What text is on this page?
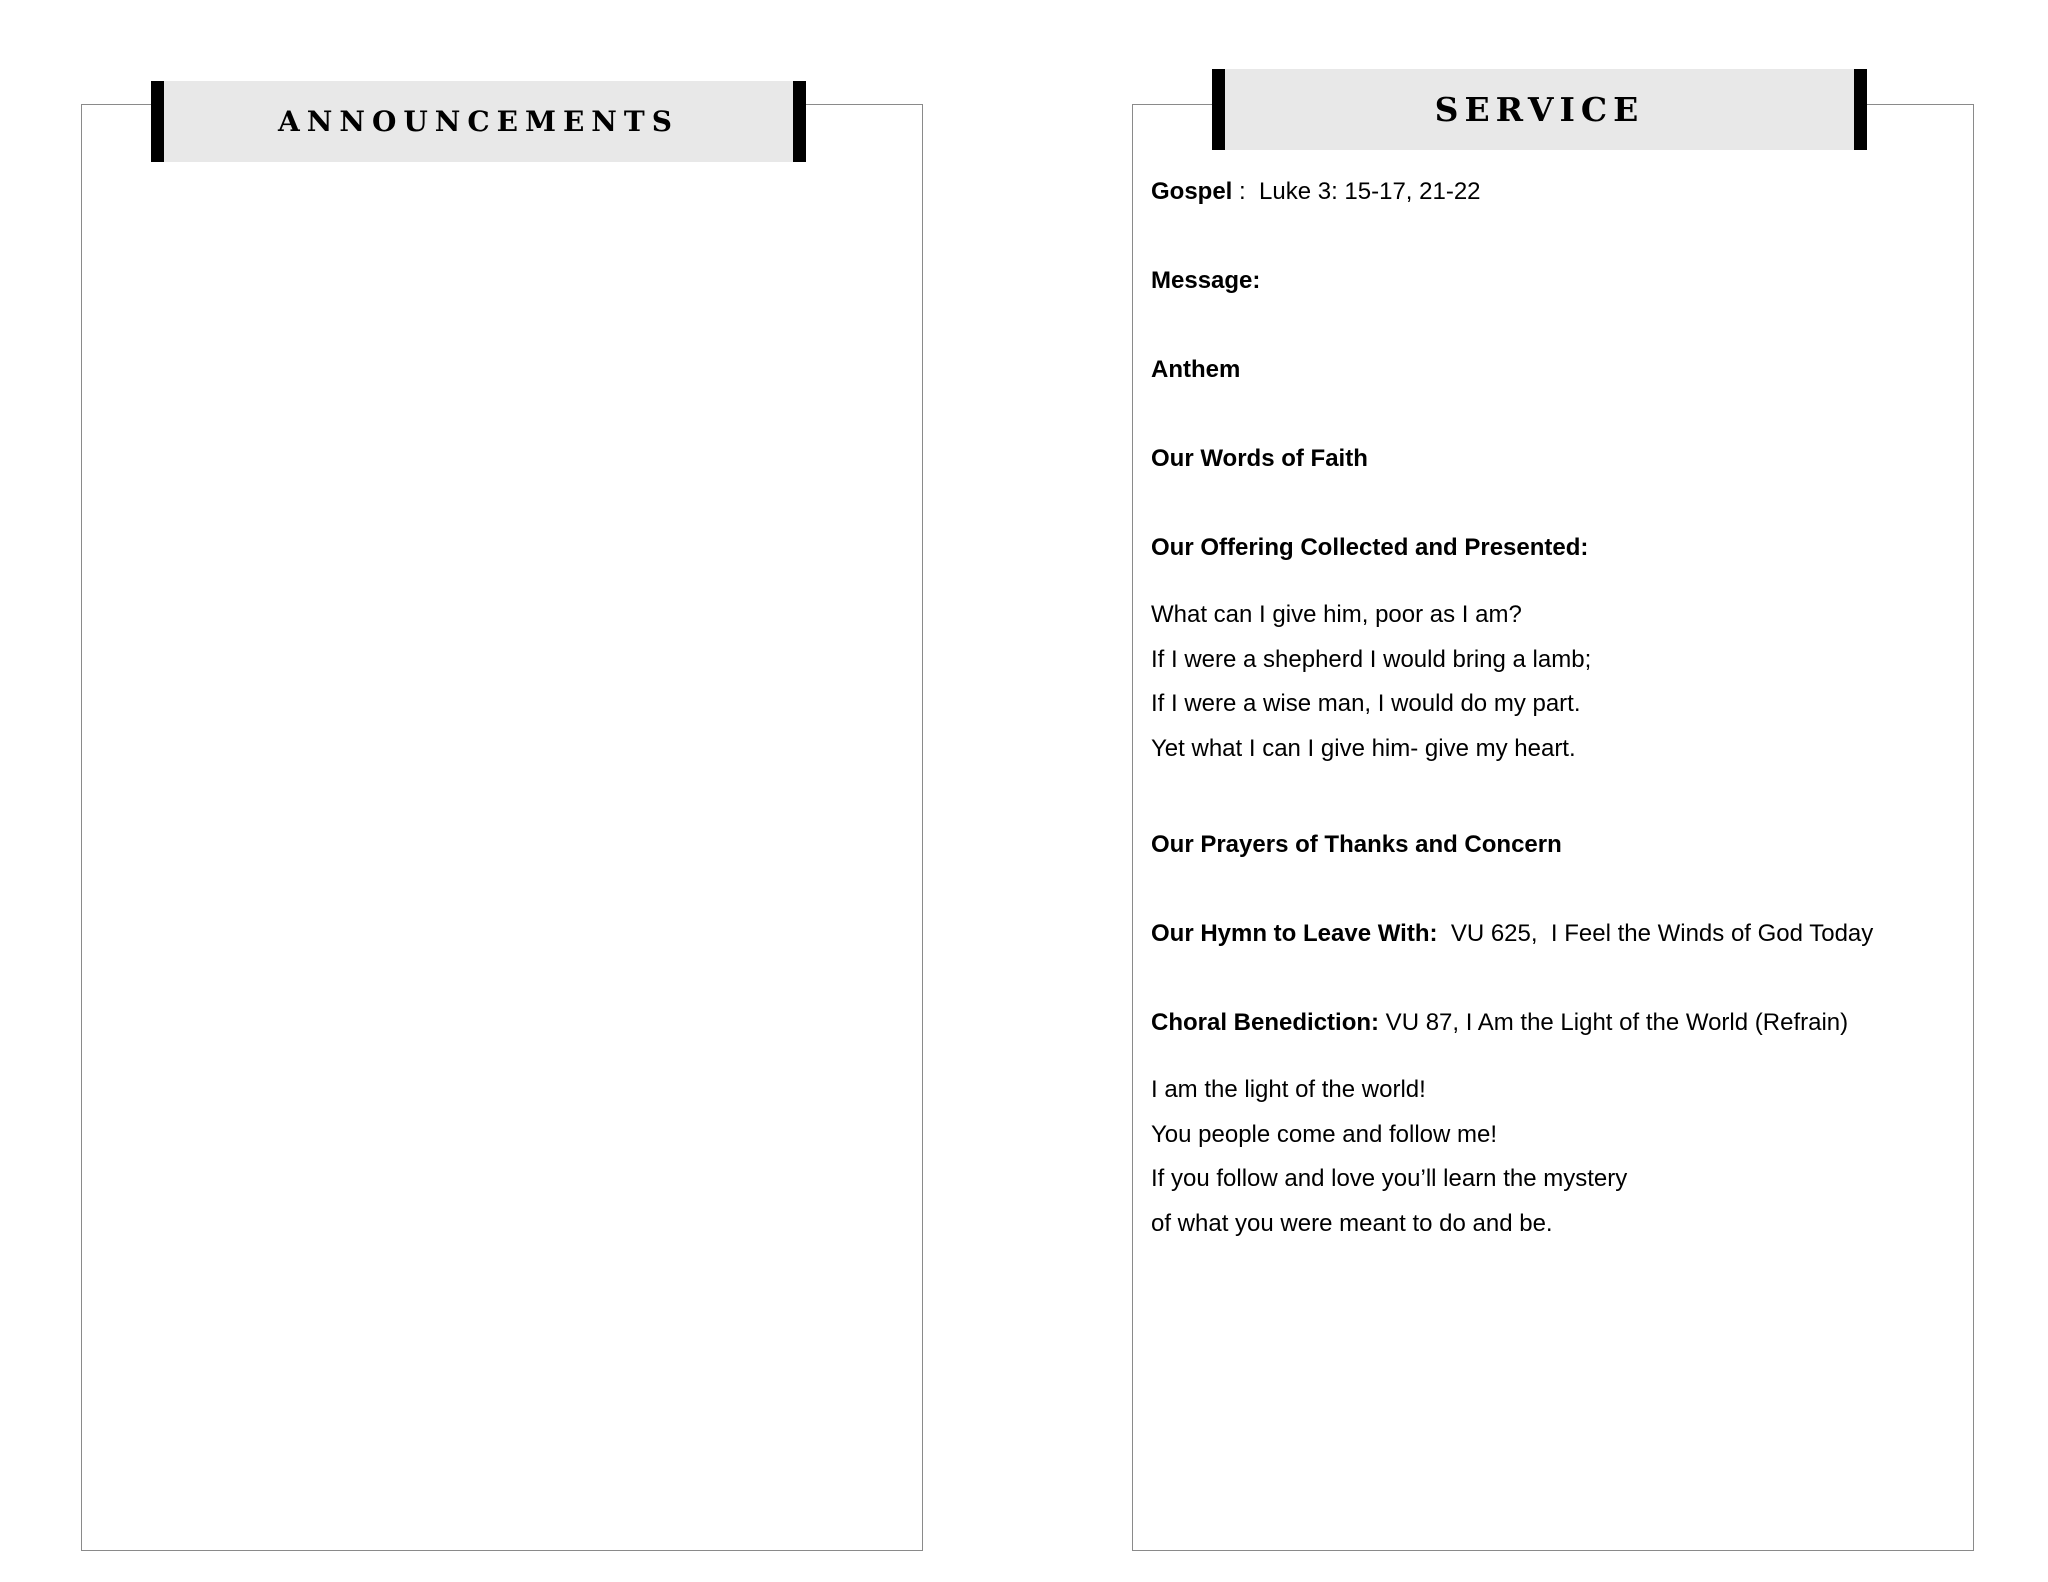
ANNOUNCEMENTS	SERVICE
Gospel :  Luke 3: 15-17, 21-22
Message:
Anthem
Our Words of Faith
Our Offering Collected and Presented:
What can I give him, poor as I am?
If I were a shepherd I would bring a lamb;
If I were a wise man, I would do my part.
Yet what I can I give him- give my heart.
Our Prayers of Thanks and Concern
Our Hymn to Leave With:  VU 625,  I Feel the Winds of God Today
Choral Benediction: VU 87, I Am the Light of the World (Refrain)
I am the light of the world!
You people come and follow me!
If you follow and love you’ll learn the mystery
of what you were meant to do and be.
